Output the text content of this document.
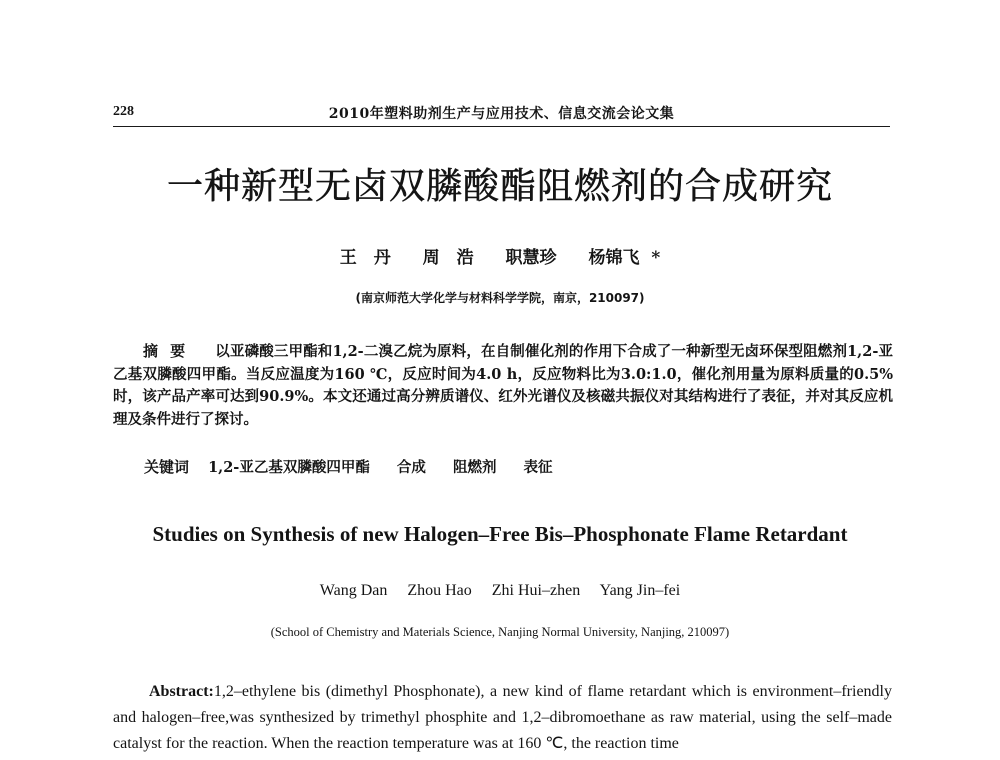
228	2010年塑料助剂生产与应用技术、信息交流会论文集
一种新型无卤双膦酸酯阻燃剂的合成研究
王　丹 周　浩 职慧珍 杨锦飞 *
(南京师范大学化学与材料科学学院，南京，210097)
摘要 以亚磷酸三甲酯和1,2-二溴乙烷为原料，在自制催化剂的作用下合成了一种新型无卤环保型阻燃剂1,2-亚乙基双膦酸四甲酯。当反应温度为160 ℃，反应时间为4.0 h，反应物料比为3.0:1.0，催化剂用量为原料质量的0.5%时，该产品产率可达到90.9%。本文还通过高分辨质谱仪、红外光谱仪及核磁共振仪对其结构进行了表征，并对其反应机理及条件进行了探讨。
关键词 1,2-亚乙基双膦酸四甲酯 合成 阻燃剂 表征
Studies on Synthesis of new Halogen–Free Bis–Phosphonate Flame Retardant
Wang Dan Zhou Hao Zhi Hui–zhen Yang Jin–fei
(School of Chemistry and Materials Science, Nanjing Normal University, Nanjing, 210097)
Abstract:1,2–ethylene bis (dimethyl Phosphonate), a new kind of flame retardant which is environment–friendly and halogen–free,was synthesized by trimethyl phosphite and 1,2–dibromoethane as raw material, using the self–made catalyst for the reaction. When the reaction temperature was at 160 ℃, the reaction time
